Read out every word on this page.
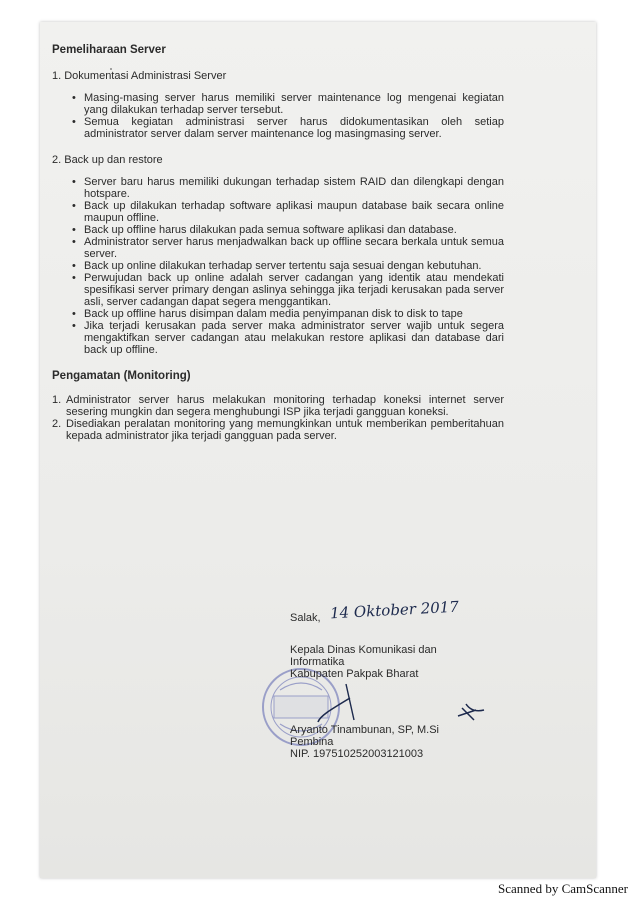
Pemeliharaan Server
1. Dokumentasi Administrasi Server
• Masing-masing server harus memiliki server maintenance log mengenai kegiatan yang dilakukan terhadap server tersebut.
• Semua kegiatan administrasi server harus didokumentasikan oleh setiap administrator server dalam server maintenance log masingmasing server.
2. Back up dan restore
• Server baru harus memiliki dukungan terhadap sistem RAID dan dilengkapi dengan hotspare.
• Back up dilakukan terhadap software aplikasi maupun database baik secara online maupun offline.
• Back up offline harus dilakukan pada semua software aplikasi dan database.
• Administrator server harus menjadwalkan back up offline secara berkala untuk semua server.
• Back up online dilakukan terhadap server tertentu saja sesuai dengan kebutuhan.
• Perwujudan back up online adalah server cadangan yang identik atau mendekati spesifikasi server primary dengan aslinya sehingga jika terjadi kerusakan pada server asli, server cadangan dapat segera menggantikan.
• Back up offline harus disimpan dalam media penyimpanan disk to disk to tape
• Jika terjadi kerusakan pada server maka administrator server wajib untuk segera mengaktifkan server cadangan atau melakukan restore aplikasi dan database dari back up offline.
Pengamatan (Monitoring)
1. Administrator server harus melakukan monitoring terhadap koneksi internet server sesering mungkin dan segera menghubungi ISP jika terjadi gangguan koneksi.
2. Disediakan peralatan monitoring yang memungkinkan untuk memberikan pemberitahuan kepada administrator jika terjadi gangguan pada server.
Salak, 14 Oktober 2017
Kepala Dinas Komunikasi dan
Informatika
Kabupaten Pakpak Bharat
Aryanto Tinambunan, SP, M.Si
Pembina
NIP. 197510252003121003
Scanned by CamScanner
